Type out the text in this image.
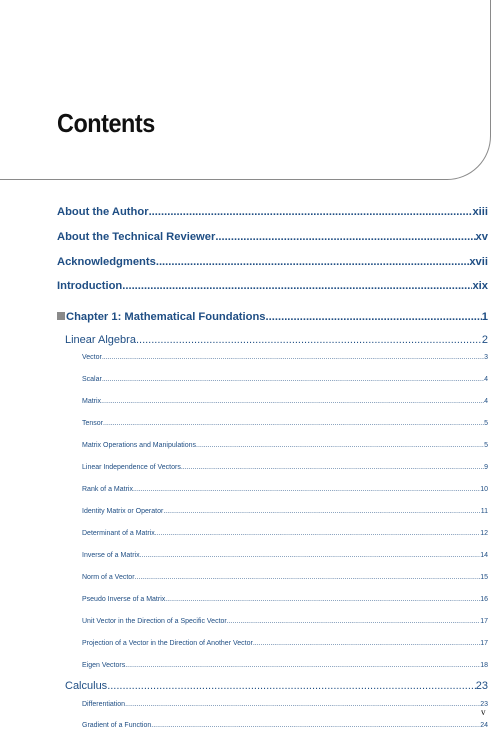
Contents
About the Author .....	xiii
About the Technical Reviewer .....	xv
Acknowledgments .....	xvii
Introduction .....	xix
Chapter 1: Mathematical Foundations .....	1
Linear Algebra .....	2
Vector .....	3
Scalar .....	4
Matrix .....	4
Tensor .....	5
Matrix Operations and Manipulations .....	5
Linear Independence of Vectors .....	9
Rank of a Matrix .....	10
Identity Matrix or Operator .....	11
Determinant of a Matrix .....	12
Inverse of a Matrix .....	14
Norm of a Vector .....	15
Pseudo Inverse of a Matrix .....	16
Unit Vector in the Direction of a Specific Vector .....	17
Projection of a Vector in the Direction of Another Vector .....	17
Eigen Vectors .....	18
Calculus .....	23
Differentiation .....	23
Gradient of a Function .....	24
v
